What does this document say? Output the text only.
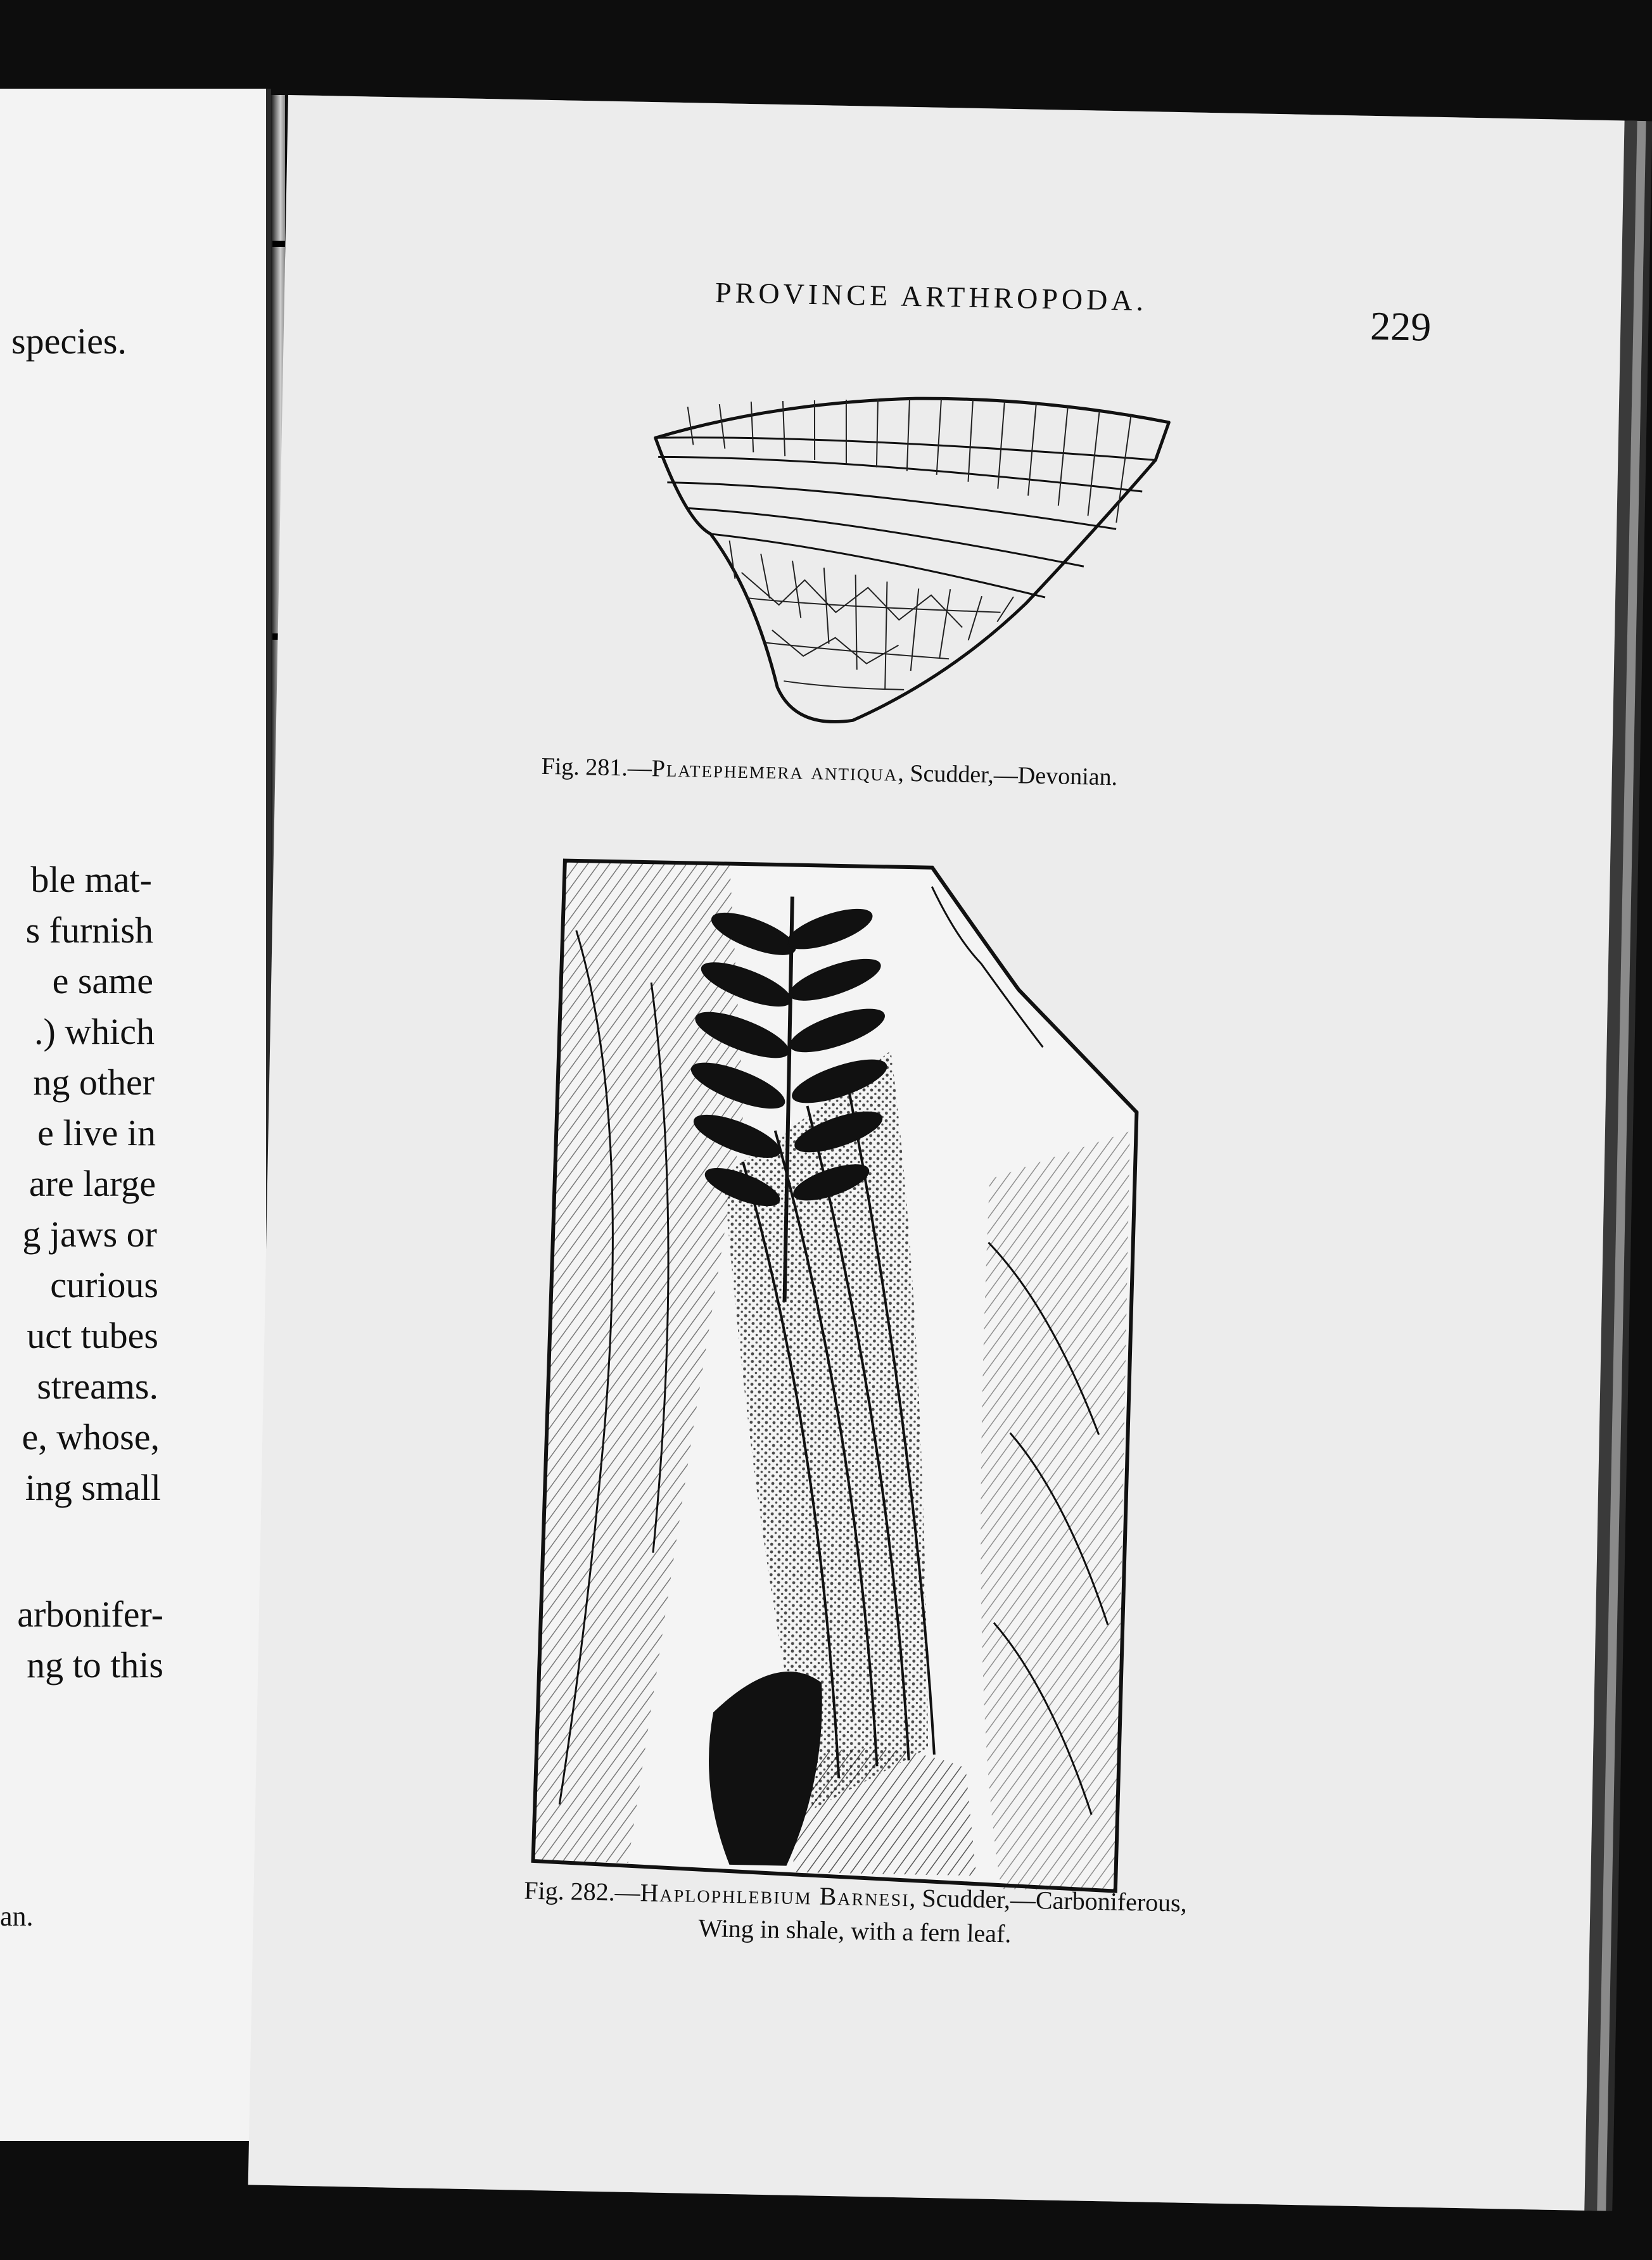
species.
ble mat-
s furnish
e same
.) which
ng other
e live in
are large
g jaws or
curious
uct tubes
streams.
e, whose,
ing small
arbonifer-
ng to this
an.
PROVINCE ARTHROPODA.
229
Fig. 281.—Platephemera antiqua, Scudder,—Devonian.
Fig. 282.—Haplophlebium Barnesi, Scudder,—Carboniferous,
Wing in shale, with a fern leaf.
